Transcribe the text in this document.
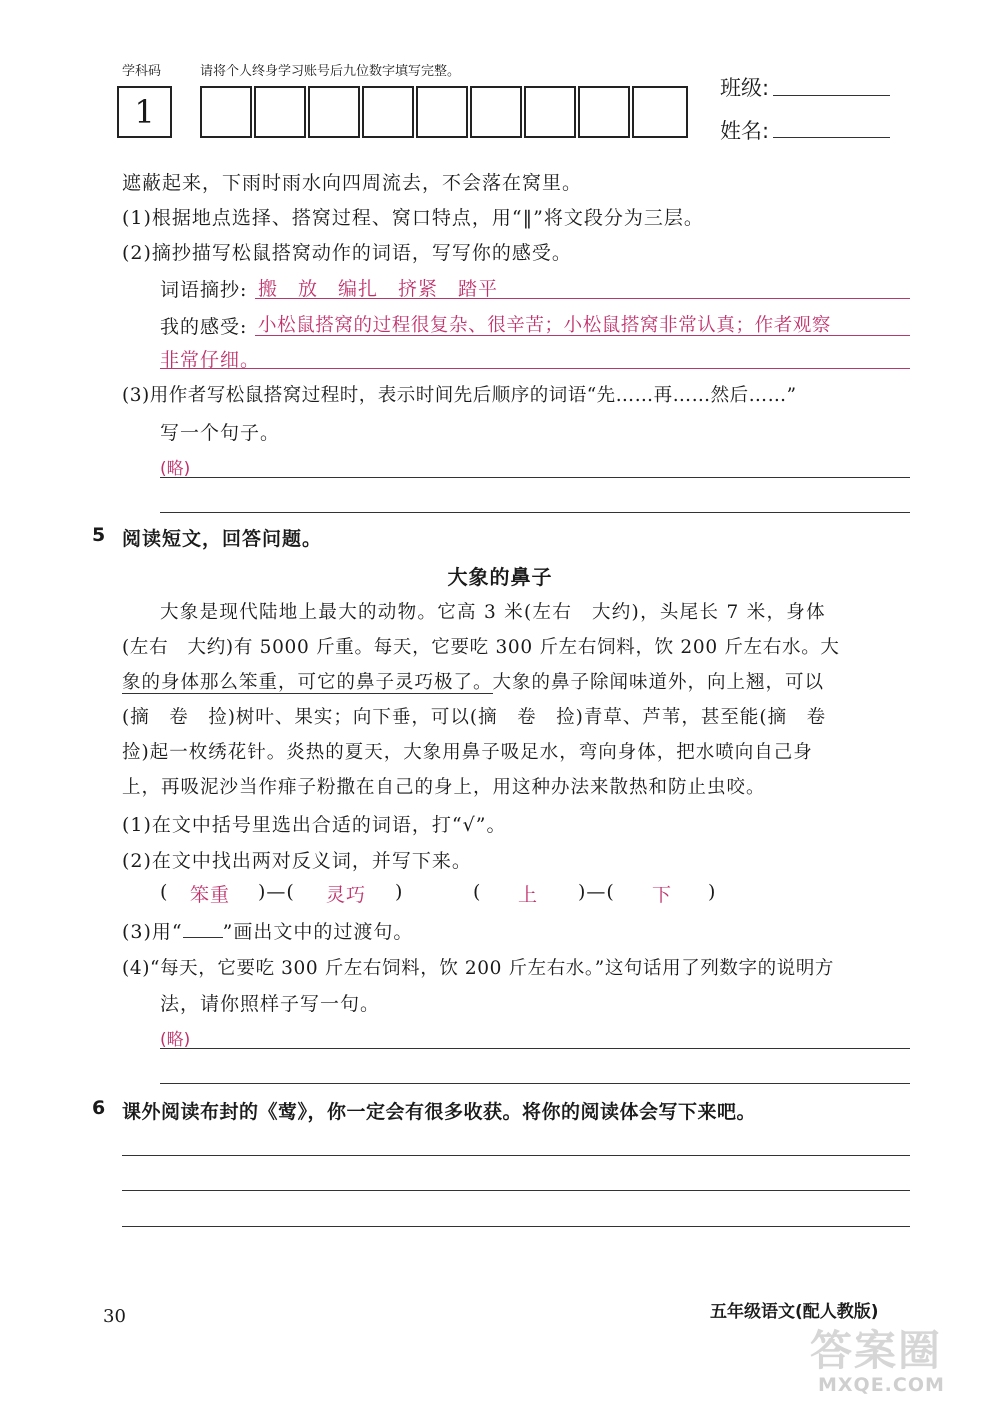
学科码	请将个人终身学习账号后九位数字填写完整。
1
班级:
姓名:
遮蔽起来，下雨时雨水向四周流去，不会落在窝里。
(1)根据地点选择、搭窝过程、窝口特点，用“‖”将文段分为三层。
(2)摘抄描写松鼠搭窝动作的词语，写写你的感受。
词语摘抄: 搬　放　编扎　挤紧　踏平
我的感受: 小松鼠搭窝的过程很复杂、很辛苦；小松鼠搭窝非常认真；作者观察
非常仔细。
(3)用作者写松鼠搭窝过程时，表示时间先后顺序的词语“先……再……然后……”
写一个句子。
(略)
5 阅读短文，回答问题。
大象的鼻子
大象是现代陆地上最大的动物。它高 3 米(左右　大约)，头尾长 7 米，身体
(左右　大约)有 5000 斤重。每天，它要吃 300 斤左右饲料，饮 200 斤左右水。大
象的身体那么笨重，可它的鼻子灵巧极了。大象的鼻子除闻味道外，向上翘，可以
(摘　卷　捡)树叶、果实；向下垂，可以(摘　卷　捡)青草、芦苇，甚至能(摘　卷
捡)起一枚绣花针。炎热的夏天，大象用鼻子吸足水，弯向身体，把水喷向自己身
上，再吸泥沙当作痱子粉撒在自己的身上，用这种办法来散热和防止虫咬。
(1)在文中括号里选出合适的词语，打“√”。
(2)在文中找出两对反义词，并写下来。
( 笨重 )—( 灵巧 )	( 上 )—( 下 )
(3)用“ ”画出文中的过渡句。
(4)“每天，它要吃 300 斤左右饲料，饮 200 斤左右水。”这句话用了列数字的说明方
法，请你照样子写一句。
(略)
6 课外阅读布封的《莺》，你一定会有很多收获。将你的阅读体会写下来吧。
30	五年级语文(配人教版)
答案圈
MXQE.COM
